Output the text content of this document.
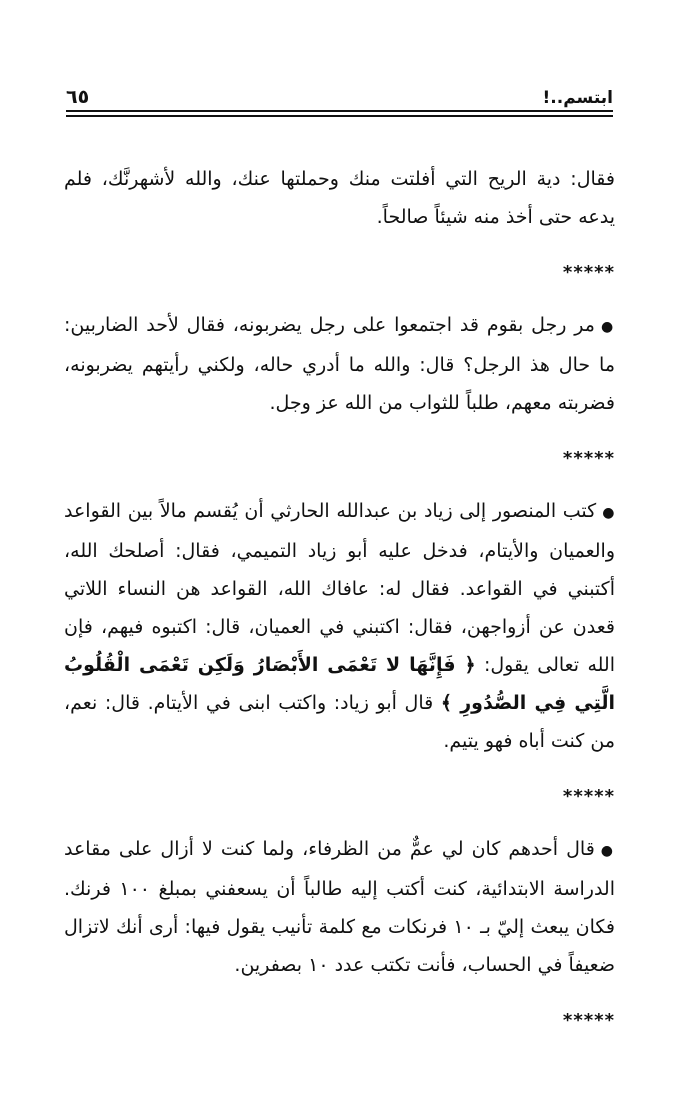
ابتسم..!
٦٥

فقال: دية الريح التي أفلتت منك وحملتها عنك، والله لأشهرنَّك، فلم يدعه حتى أخذ منه شيئاً صالحاً.

*****

●مر رجل بقوم قد اجتمعوا على رجل يضربونه، فقال لأحد الضاربين: ما حال هذ الرجل؟ قال: والله ما أدري حاله، ولكني رأيتهم يضربونه، فضربته معهم، طلباً للثواب من الله عز وجل.

*****

●كتب المنصور إلى زياد بن عبدالله الحارثي أن يُقسم مالاً بين القواعد والعميان والأيتام، فدخل عليه أبو زياد التميمي، فقال: أصلحك الله، أكتبني في القواعد. فقال له: عافاك الله، القواعد هن النساء اللاتي قعدن عن أزواجهن، فقال: اكتبني في العميان، قال: اكتبوه فيهم، فإن الله تعالى يقول: ﴿ فَإِنَّهَا لا تَعْمَى الأَبْصَارُ وَلَكِن تَعْمَى الْقُلُوبُ الَّتِي فِي الصُّدُورِ ﴾ قال أبو زياد: واكتب ابنى في الأيتام. قال: نعم، من كنت أباه فهو يتيم.

*****

●قال أحدهم كان لي عمٌّ من الظرفاء، ولما كنت لا أزال على مقاعد الدراسة الابتدائية، كنت أكتب إليه طالباً أن يسعفني بمبلغ ١٠٠ فرنك. فكان يبعث إليّ بـ ١٠ فرنكات مع كلمة تأنيب يقول فيها: أرى أنك لاتزال ضعيفاً في الحساب، فأنت تكتب عدد ١٠ بصفرين.

*****
